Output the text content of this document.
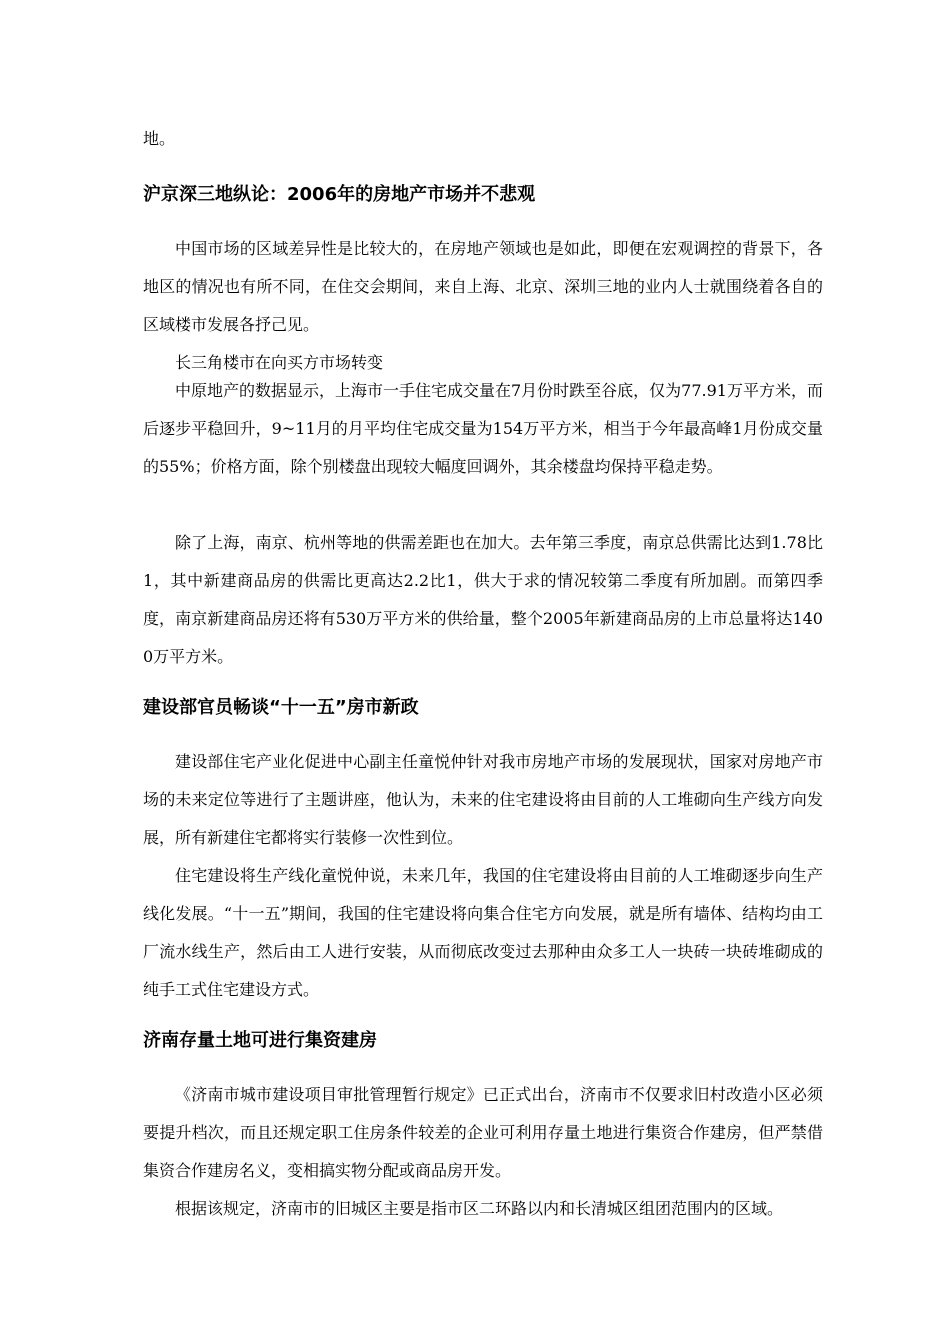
地。

沪京深三地纵论：2006年的房地产市场并不悲观

中国市场的区域差异性是比较大的，在房地产领域也是如此，即便在宏观调控的背景下，各地区的情况也有所不同，在住交会期间，来自上海、北京、深圳三地的业内人士就围绕着各自的区域楼市发展各抒己见。

长三角楼市在向买方市场转变

中原地产的数据显示，上海市一手住宅成交量在7月份时跌至谷底，仅为77.91万平方米，而后逐步平稳回升，9~11月的月平均住宅成交量为154万平方米，相当于今年最高峰1月份成交量的55%；价格方面，除个别楼盘出现较大幅度回调外，其余楼盘均保持平稳走势。

除了上海，南京、杭州等地的供需差距也在加大。去年第三季度，南京总供需比达到1.78比1，其中新建商品房的供需比更高达2.2比1，供大于求的情况较第二季度有所加剧。而第四季度，南京新建商品房还将有530万平方米的供给量，整个2005年新建商品房的上市总量将达1400万平方米。

建设部官员畅谈“十一五”房市新政

建设部住宅产业化促进中心副主任童悦仲针对我市房地产市场的发展现状，国家对房地产市场的未来定位等进行了主题讲座，他认为，未来的住宅建设将由目前的人工堆砌向生产线方向发展，所有新建住宅都将实行装修一次性到位。

住宅建设将生产线化童悦仲说，未来几年，我国的住宅建设将由目前的人工堆砌逐步向生产线化发展。“十一五”期间，我国的住宅建设将向集合住宅方向发展，就是所有墙体、结构均由工厂流水线生产，然后由工人进行安装，从而彻底改变过去那种由众多工人一块砖一块砖堆砌成的纯手工式住宅建设方式。

济南存量土地可进行集资建房

《济南市城市建设项目审批管理暂行规定》已正式出台，济南市不仅要求旧村改造小区必须要提升档次，而且还规定职工住房条件较差的企业可利用存量土地进行集资合作建房，但严禁借集资合作建房名义，变相搞实物分配或商品房开发。

根据该规定，济南市的旧城区主要是指市区二环路以内和长清城区组团范围内的区域。
